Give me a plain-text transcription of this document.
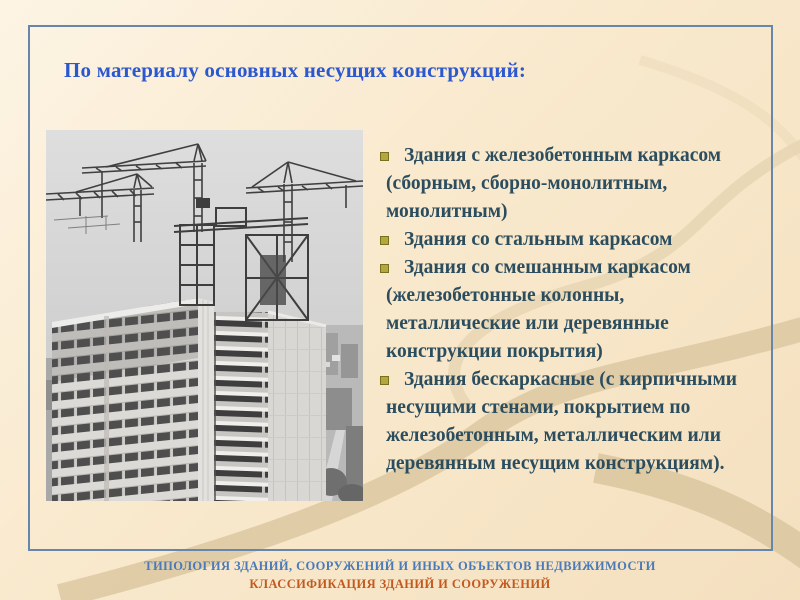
По материалу основных несущих конструкций:
Здания с железобетонным каркасом (сборным, сборно-монолитным, монолитным)
Здания со стальным каркасом
Здания со смешанным каркасом (железобетонные колонны, металлические или деревянные конструкции покрытия)
Здания бескаркасные (с кирпичными несущими стенами, покрытием по железобетонным, металлическим или деревянным несущим конструкциям).
ТИПОЛОГИЯ ЗДАНИЙ, СООРУЖЕНИЙ И ИНЫХ ОБЪЕКТОВ НЕДВИЖИМОСТИ
КЛАССИФИКАЦИЯ ЗДАНИЙ И СООРУЖЕНИЙ
